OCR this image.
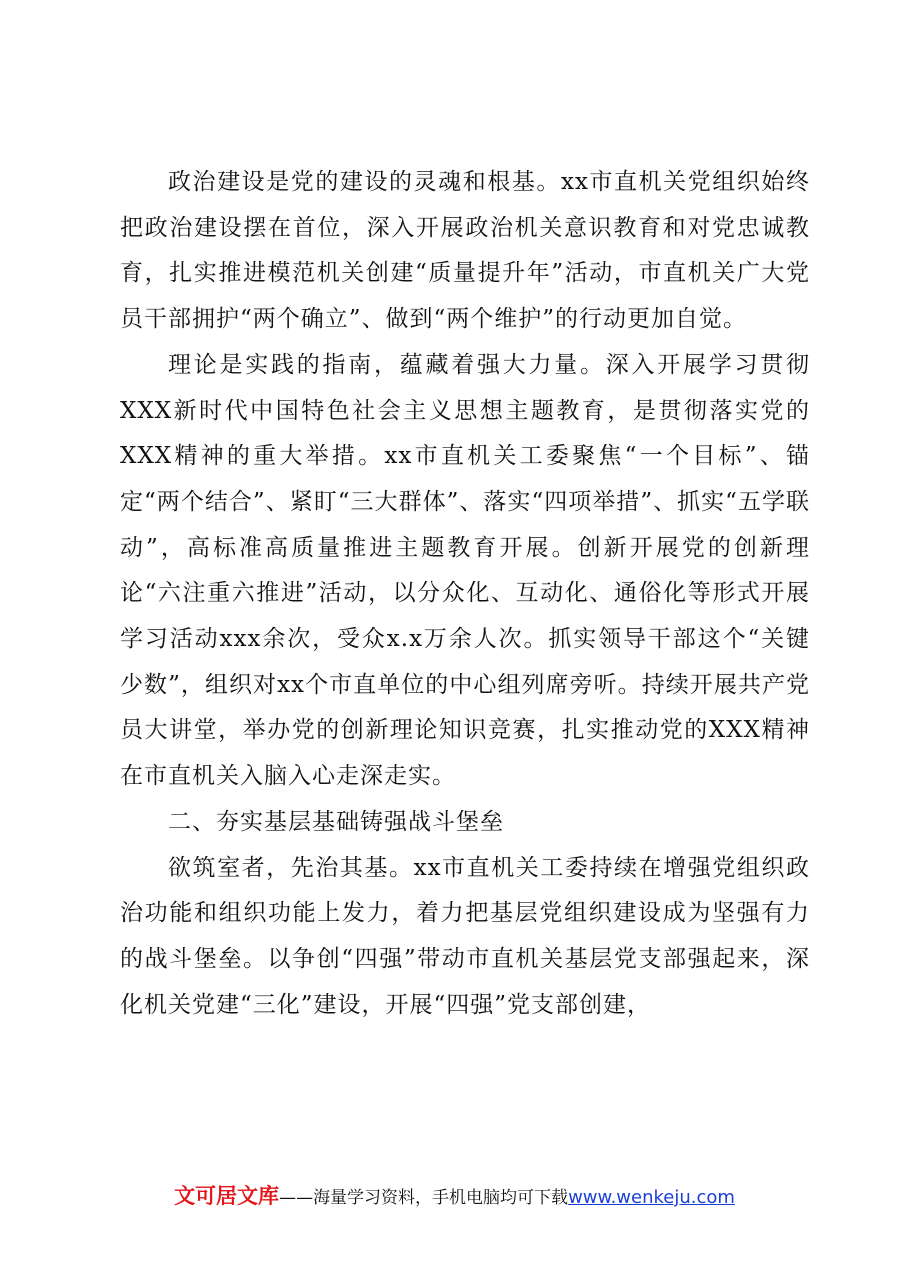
政治建设是党的建设的灵魂和根基。xx市直机关党组织始终把政治建设摆在首位，深入开展政治机关意识教育和对党忠诚教育，扎实推进模范机关创建“质量提升年”活动，市直机关广大党员干部拥护“两个确立”、做到“两个维护”的行动更加自觉。

理论是实践的指南，蕴藏着强大力量。深入开展学习贯彻XXX新时代中国特色社会主义思想主题教育，是贯彻落实党的XXX精神的重大举措。xx市直机关工委聚焦“一个目标”、锚定“两个结合”、紧盯“三大群体”、落实“四项举措”、抓实“五学联动”，高标准高质量推进主题教育开展。创新开展党的创新理论“六注重六推进”活动，以分众化、互动化、通俗化等形式开展学习活动xxx余次，受众x.x万余人次。抓实领导干部这个“关键少数”，组织对xx个市直单位的中心组列席旁听。持续开展共产党员大讲堂，举办党的创新理论知识竞赛，扎实推动党的XXX精神在市直机关入脑入心走深走实。

二、夯实基层基础铸强战斗堡垒

欲筑室者，先治其基。xx市直机关工委持续在增强党组织政治功能和组织功能上发力，着力把基层党组织建设成为坚强有力的战斗堡垒。以争创“四强”带动市直机关基层党支部强起来，深化机关党建“三化”建设，开展“四强”党支部创建，

文可居文库——海量学习资料，手机电脑均可下载www.wenkeju.com
